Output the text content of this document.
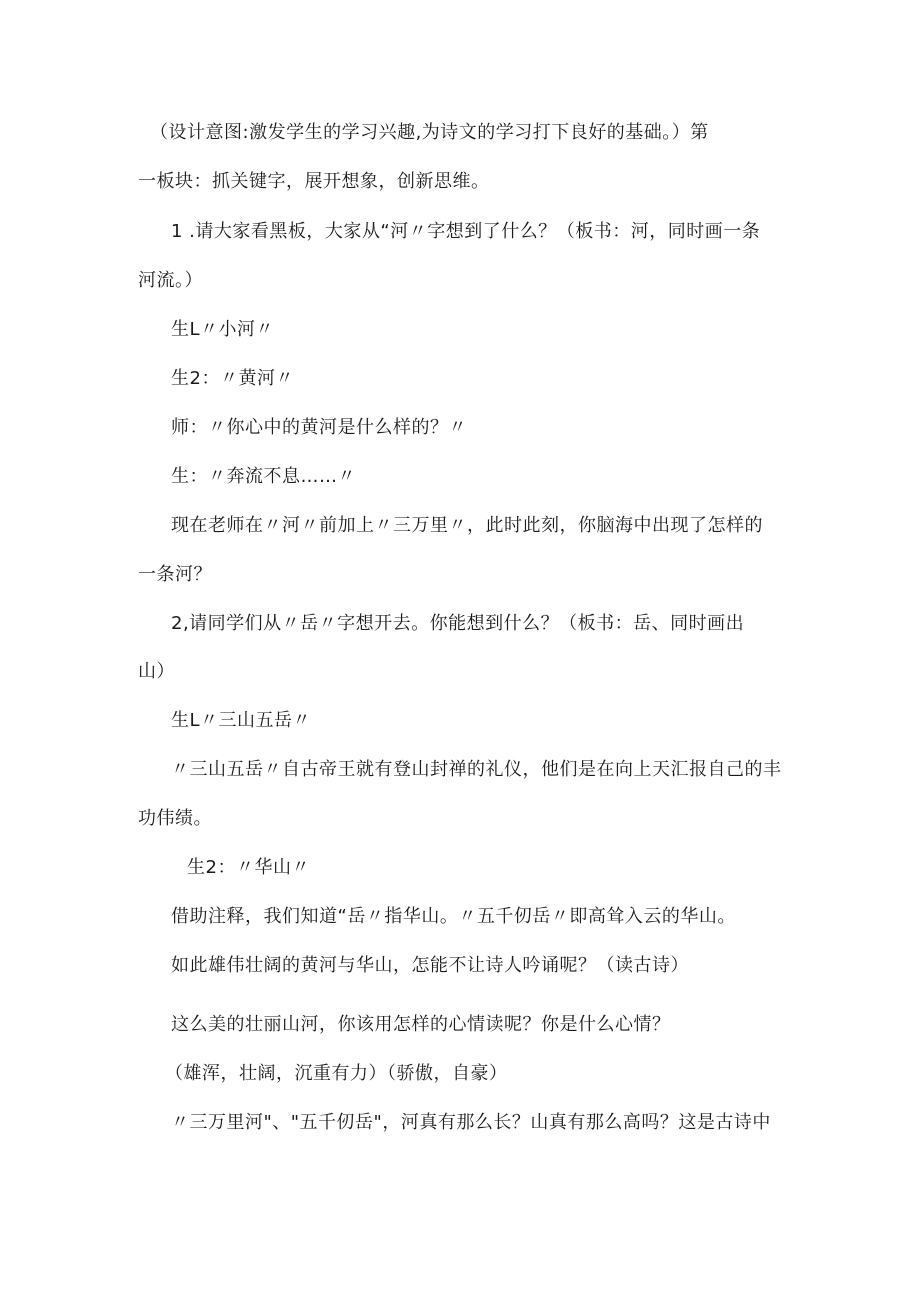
（设计意图:激发学生的学习兴趣,为诗文的学习打下良好的基础。）第
一板块：抓关键字，展开想象，创新思维。
1 .请大家看黑板，大家从“河〃字想到了什么？（板书：河，同时画一条
河流。）
生L〃小河〃
生2：〃黄河〃
师：〃你心中的黄河是什么样的？〃
生：〃奔流不息……〃
现在老师在〃河〃前加上〃三万里〃，此时此刻，你脑海中出现了怎样的
一条河？
2,请同学们从〃岳〃字想开去。你能想到什么？（板书：岳、同时画出
山）
生L〃三山五岳〃
〃三山五岳〃自古帝王就有登山封禅的礼仪，他们是在向上天汇报自己的丰
功伟绩。
生2：〃华山〃
借助注释，我们知道“岳〃指华山。〃五千仞岳〃即高耸入云的华山。
如此雄伟壮阔的黄河与华山，怎能不让诗人吟诵呢？（读古诗）
这么美的壮丽山河，你该用怎样的心情读呢？你是什么心情？
（雄浑，壮阔，沉重有力）（骄傲，自豪）
〃三万里河"、"五千仞岳"，河真有那么长？山真有那么高吗？这是古诗中
